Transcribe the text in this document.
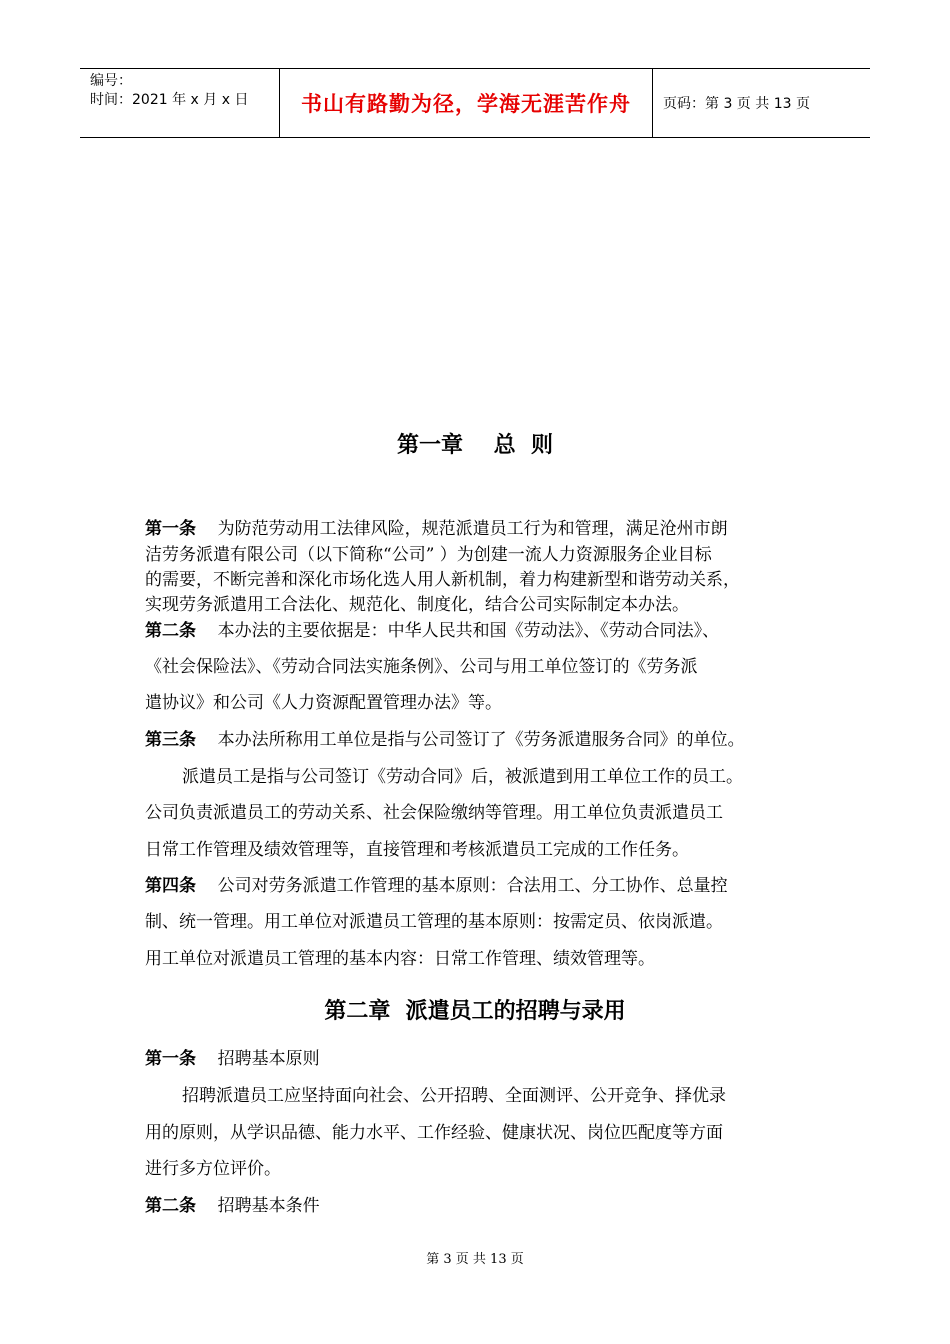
编号：
时间：2021 年 x 月 x 日	书山有路勤为径，学海无涯苦作舟	页码：第 3 页 共 13 页
第一章    总  则
第一条 为防范劳动用工法律风险，规范派遣员工行为和管理，满足沧州市朗
洁劳务派遣有限公司（以下简称“公司” ）为创建一流人力资源服务企业目标
的需要，不断完善和深化市场化选人用人新机制，着力构建新型和谐劳动关系，
实现劳务派遣用工合法化、规范化、制度化，结合公司实际制定本办法。
第二条 本办法的主要依据是：中华人民共和国《劳动法》、《劳动合同法》、
《社会保险法》、《劳动合同法实施条例》、公司与用工单位签订的《劳务派
遣协议》和公司《人力资源配置管理办法》等。
第三条 本办法所称用工单位是指与公司签订了《劳务派遣服务合同》的单位。
派遣员工是指与公司签订《劳动合同》后，被派遣到用工单位工作的员工。
公司负责派遣员工的劳动关系、社会保险缴纳等管理。用工单位负责派遣员工
日常工作管理及绩效管理等，直接管理和考核派遣员工完成的工作任务。
第四条 公司对劳务派遣工作管理的基本原则：合法用工、分工协作、总量控
制、统一管理。用工单位对派遣员工管理的基本原则：按需定员、依岗派遣。
用工单位对派遣员工管理的基本内容：日常工作管理、绩效管理等。
第二章  派遣员工的招聘与录用
第一条 招聘基本原则
招聘派遣员工应坚持面向社会、公开招聘、全面测评、公开竞争、择优录
用的原则，从学识品德、能力水平、工作经验、健康状况、岗位匹配度等方面
进行多方位评价。
第二条 招聘基本条件
第 3 页 共 13 页
